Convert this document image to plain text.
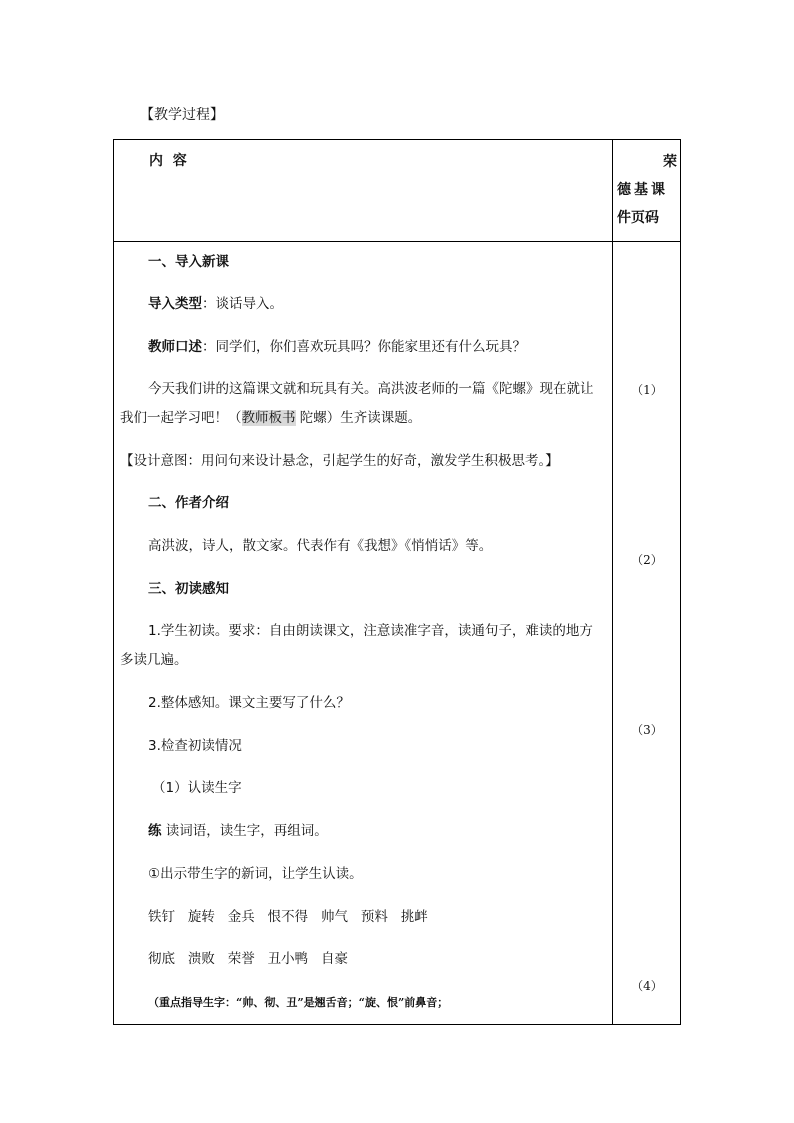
【教学过程】
内  容	荣
德基课
件页码
一、导入新课
导入类型：谈话导入。
教师口述：同学们，你们喜欢玩具吗？你能家里还有什么玩具？
今天我们讲的这篇课文就和玩具有关。高洪波老师的一篇《陀螺》现在就让
我们一起学习吧！（教师板书 陀螺）生齐读课题。
【设计意图：用问句来设计悬念，引起学生的好奇，激发学生积极思考。】
二、作者介绍
高洪波，诗人，散文家。代表作有《我想》《悄悄话》等。
三、初读感知
1.学生初读。要求：自由朗读课文，注意读准字音，读通句子，难读的地方
多读几遍。
2.整体感知。课文主要写了什么？
3.检查初读情况
（1）认读生字
练 读词语，读生字，再组词。
①出示带生字的新词，让学生认读。
铁钉   旋转   金兵   恨不得   帅气   预料   挑衅
彻底   溃败   荣誉   丑小鸭   自豪
（重点指导生字：“帅、彻、丑”是翘舌音；“旋、恨”前鼻音；
（1）
（2）
（3）
（4）
